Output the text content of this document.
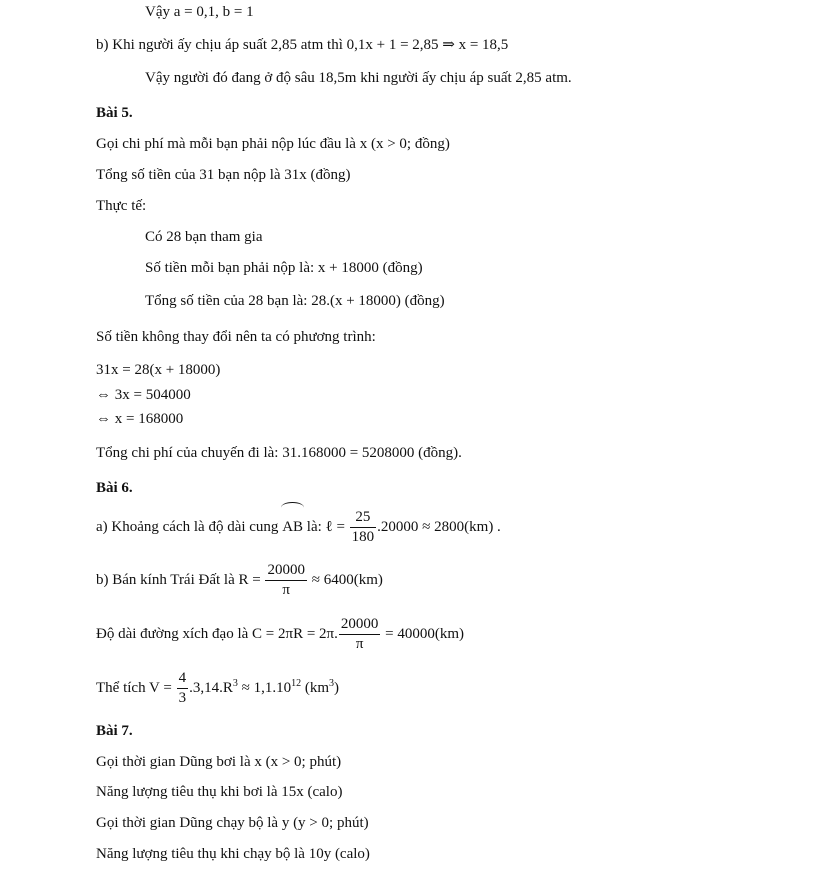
Vậy a = 0,1, b = 1
b) Khi người ấy chịu áp suất 2,85 atm thì 0,1x + 1 = 2,85 ⇒ x = 18,5
Vậy người đó đang ở độ sâu 18,5m khi người ấy chịu áp suất 2,85 atm.
Bài 5.
Gọi chi phí mà mỗi bạn phải nộp lúc đầu là x (x > 0; đồng)
Tổng số tiền của 31 bạn nộp là 31x (đồng)
Thực tế:
Có 28 bạn tham gia
Số tiền mỗi bạn phải nộp là: x + 18000 (đồng)
Tổng số tiền của 28 bạn là: 28.(x + 18000) (đồng)
Số tiền không thay đổi nên ta có phương trình:
31x = 28(x + 18000)
⇔ 3x = 504000
⇔ x = 168000
Tổng chi phí của chuyến đi là: 31.168000 = 5208000 (đồng).
Bài 6.
a) Khoảng cách là độ dài cung AB là: ℓ = $\frac{25}{180} .20000 \approx 2800(km)$ .
b) Bán kính Trái Đất là $R = \frac{20000}{\pi} \approx 6400(km)$
Độ dài đường xích đạo là C = 2πR = 2π. $\frac{20000}{\pi} = 40000(km)$
Thể tích $V = \frac{4}{3} .3,14.R^3 \approx 1,1.10^{12}$ $(km^3)$
Bài 7.
Gọi thời gian Dũng bơi là x (x > 0; phút)
Năng lượng tiêu thụ khi bơi là 15x (calo)
Gọi thời gian Dũng chạy bộ là y (y > 0; phút)
Năng lượng tiêu thụ khi chạy bộ là 10y (calo)
